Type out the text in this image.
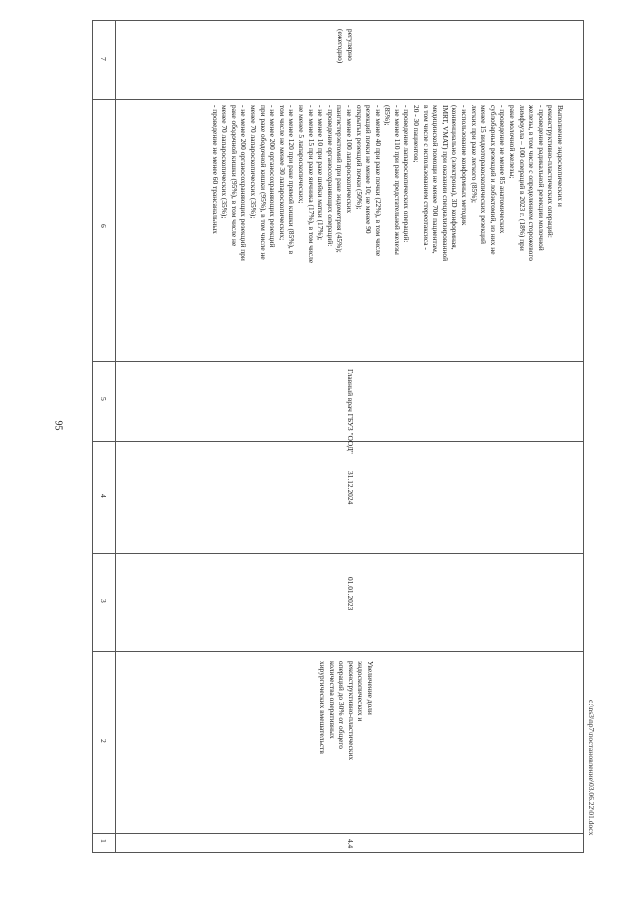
95
7
6
5
4
3
2
1
регулярно
(ежегодно)
Выполнение эндоскопических и
реконструктивно-пластических операций:
- проведение радикальной резекции молочной
железы, в том числе с определением сторожевого
лимфоузла – 100 операций в 2023 г. (18%) при
раке молочной железы;
- проведение не менее 85 анатомических
сублобарных резекций и лобэктомий, из них не
менее 15 видеоторакоскопических резекций
легких при раке легкого (85%);
- использование конформных методик
(конвенциально (электроны), 3D конформная,
IMRT, VMAT) при оказании специализированной
медицинской помощи не менее 700 пациентам,
в том числе с использованием стереотаксиса -
20 - 30 пациентов;
- проведение лапароскопических операций:
- не менее 110 при раке предстательной железы
(85%);
- не менее 40 при раке почки (22%), в том числе
резекций почки не менее 10; не менее 90
открытых резекций почки (50%);
- не менее 100 лапароскопических
пангистерэктомий при раке эндометрия (45%);
- проведение органосохраняющих операций:
- не менее 10 при раке шейки матки (17%);
- не менее 15 при раке яичника (17%), в том числе
не менее 5 лапароскопических;
- не менее 120 при раке прямой кишки (85%), в
том числе не менее 30 лапароскопических;
- не менее 200 органосохраняющих резекций
при раке ободочной кишки (95%), в том числе не
менее 70 лапароскопических (35%);
- не менее 200 органосохраняющих резекций при
раке ободочной кишки (95%), в том числе не
менее 70 лапароскопических (35%);
- проведение не менее 60 трансанальных
Главный врач ГБУЗ "ООД"
31.12.2024
01.01.2023
Увеличение доли
эндоскопических и
реконструктивно-пластических
операций до 30% от общего
количества оперативных
хирургических вмешательств
4.4
c:\ns3\np7\постановление\03.06.22\01.docx
